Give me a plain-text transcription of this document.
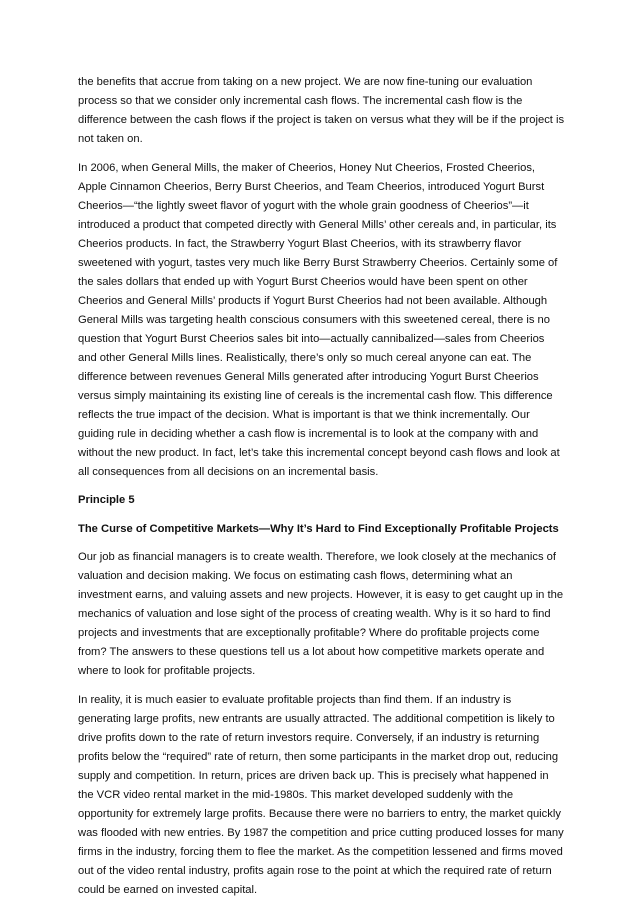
the benefits that accrue from taking on a new project. We are now fine-tuning our evaluation process so that we consider only incremental cash flows. The incremental cash flow is the difference between the cash flows if the project is taken on versus what they will be if the project is not taken on.

In 2006, when General Mills, the maker of Cheerios, Honey Nut Cheerios, Frosted Cheerios, Apple Cinnamon Cheerios, Berry Burst Cheerios, and Team Cheerios, introduced Yogurt Burst Cheerios—“the lightly sweet flavor of yogurt with the whole grain goodness of Cheerios”—it introduced a product that competed directly with General Mills’ other cereals and, in particular, its Cheerios products. In fact, the Strawberry Yogurt Blast Cheerios, with its strawberry flavor sweetened with yogurt, tastes very much like Berry Burst Strawberry Cheerios. Certainly some of the sales dollars that ended up with Yogurt Burst Cheerios would have been spent on other Cheerios and General Mills’ products if Yogurt Burst Cheerios had not been available. Although General Mills was targeting health conscious consumers with this sweetened cereal, there is no question that Yogurt Burst Cheerios sales bit into—actually cannibalized—sales from Cheerios and other General Mills lines. Realistically, there’s only so much cereal anyone can eat. The difference between revenues General Mills generated after introducing Yogurt Burst Cheerios versus simply maintaining its existing line of cereals is the incremental cash flow. This difference reflects the true impact of the decision. What is important is that we think incrementally. Our guiding rule in deciding whether a cash flow is incremental is to look at the company with and without the new product. In fact, let’s take this incremental concept beyond cash flows and look at all consequences from all decisions on an incremental basis.

Principle 5

The Curse of Competitive Markets—Why It’s Hard to Find Exceptionally Profitable Projects

Our job as financial managers is to create wealth. Therefore, we look closely at the mechanics of valuation and decision making. We focus on estimating cash flows, determining what an investment earns, and valuing assets and new projects. However, it is easy to get caught up in the mechanics of valuation and lose sight of the process of creating wealth. Why is it so hard to find projects and investments that are exceptionally profitable? Where do profitable projects come from? The answers to these questions tell us a lot about how competitive markets operate and where to look for profitable projects.

In reality, it is much easier to evaluate profitable projects than find them. If an industry is generating large profits, new entrants are usually attracted. The additional competition is likely to drive profits down to the rate of return investors require. Conversely, if an industry is returning profits below the “required” rate of return, then some participants in the market drop out, reducing supply and competition. In return, prices are driven back up. This is precisely what happened in the VCR video rental market in the mid-1980s. This market developed suddenly with the opportunity for extremely large profits. Because there were no barriers to entry, the market quickly was flooded with new entries. By 1987 the competition and price cutting produced losses for many firms in the industry, forcing them to flee the market. As the competition lessened and firms moved out of the video rental industry, profits again rose to the point at which the required rate of return could be earned on invested capital.
